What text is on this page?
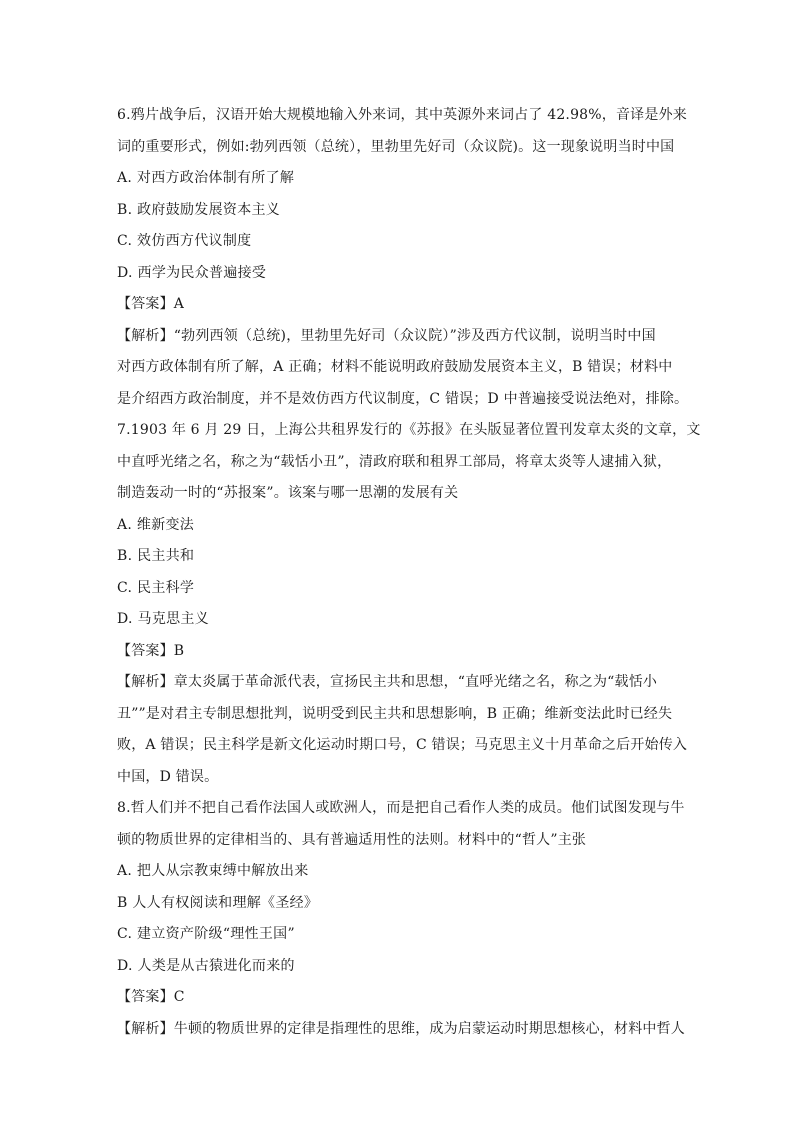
6.鸦片战争后，汉语开始大规模地输入外来词，其中英源外来词占了 42.98%，音译是外来
词的重要形式，例如:勃列西领（总统），里勃里先好司（众议院)。这一现象说明当时中国
A. 对西方政治体制有所了解
B. 政府鼓励发展资本主义
C. 效仿西方代议制度
D. 西学为民众普遍接受
【答案】A
【解析】“勃列西领（总统)，里勃里先好司（众议院）”涉及西方代议制，说明当时中国
对西方政体制有所了解，A 正确；材料不能说明政府鼓励发展资本主义，B 错误；材料中
是介绍西方政治制度，并不是效仿西方代议制度，C 错误；D 中普遍接受说法绝对，排除。
7.1903 年 6 月 29 日，上海公共租界发行的《苏报》在头版显著位置刊发章太炎的文章，文
中直呼光绪之名，称之为“载恬小丑”，清政府联和租界工部局，将章太炎等人逮捕入狱，
制造轰动一时的“苏报案”。该案与哪一思潮的发展有关
A. 维新变法
B. 民主共和
C. 民主科学
D. 马克思主义
【答案】B
【解析】章太炎属于革命派代表，宣扬民主共和思想，“直呼光绪之名，称之为“载恬小
丑””是对君主专制思想批判，说明受到民主共和思想影响，B 正确；维新变法此时已经失
败，A 错误；民主科学是新文化运动时期口号，C 错误；马克思主义十月革命之后开始传入
中国，D 错误。
8.哲人们并不把自己看作法国人或欧洲人，而是把自己看作人类的成员。他们试图发现与牛
顿的物质世界的定律相当的、具有普遍适用性的法则。材料中的“哲人”主张
A. 把人从宗教束缚中解放出来
B 人人有权阅读和理解《圣经》
C. 建立资产阶级“理性王国”
D. 人类是从古猿进化而来的
【答案】C
【解析】牛顿的物质世界的定律是指理性的思维，成为启蒙运动时期思想核心，材料中哲人
